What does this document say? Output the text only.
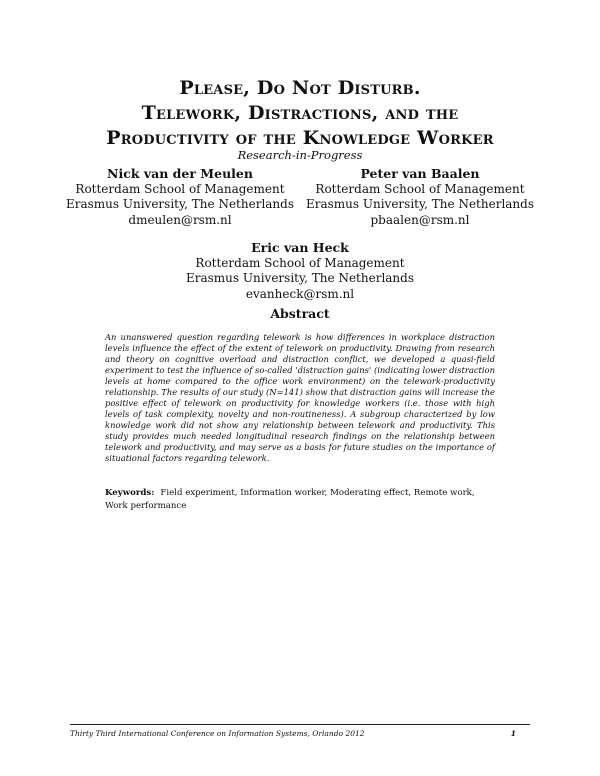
Please, Do Not Disturb.
Telework, Distractions, and the
Productivity of the Knowledge Worker
Research-in-Progress
Nick van der Meulen
Rotterdam School of Management
Erasmus University, The Netherlands
dmeulen@rsm.nl
Peter van Baalen
Rotterdam School of Management
Erasmus University, The Netherlands
pbaalen@rsm.nl
Eric van Heck
Rotterdam School of Management
Erasmus University, The Netherlands
evanheck@rsm.nl
Abstract

An unanswered question regarding telework is how differences in workplace distraction levels influence the effect of the extent of telework on productivity. Drawing from research and theory on cognitive overload and distraction conflict, we developed a quasi-field experiment to test the influence of so-called 'distraction gains' (indicating lower distraction levels at home compared to the office work environment) on the telework-productivity relationship. The results of our study (N=141) show that distraction gains will increase the positive effect of telework on productivity for knowledge workers (i.e. those with high levels of task complexity, novelty and non-routineness). A subgroup characterized by low knowledge work did not show any relationship between telework and productivity. This study provides much needed longitudinal research findings on the relationship between telework and productivity, and may serve as a basis for future studies on the importance of situational factors regarding telework.

Keywords: Field experiment, Information worker, Moderating effect, Remote work, Work performance

Thirty Third International Conference on Information Systems, Orlando 2012	1
